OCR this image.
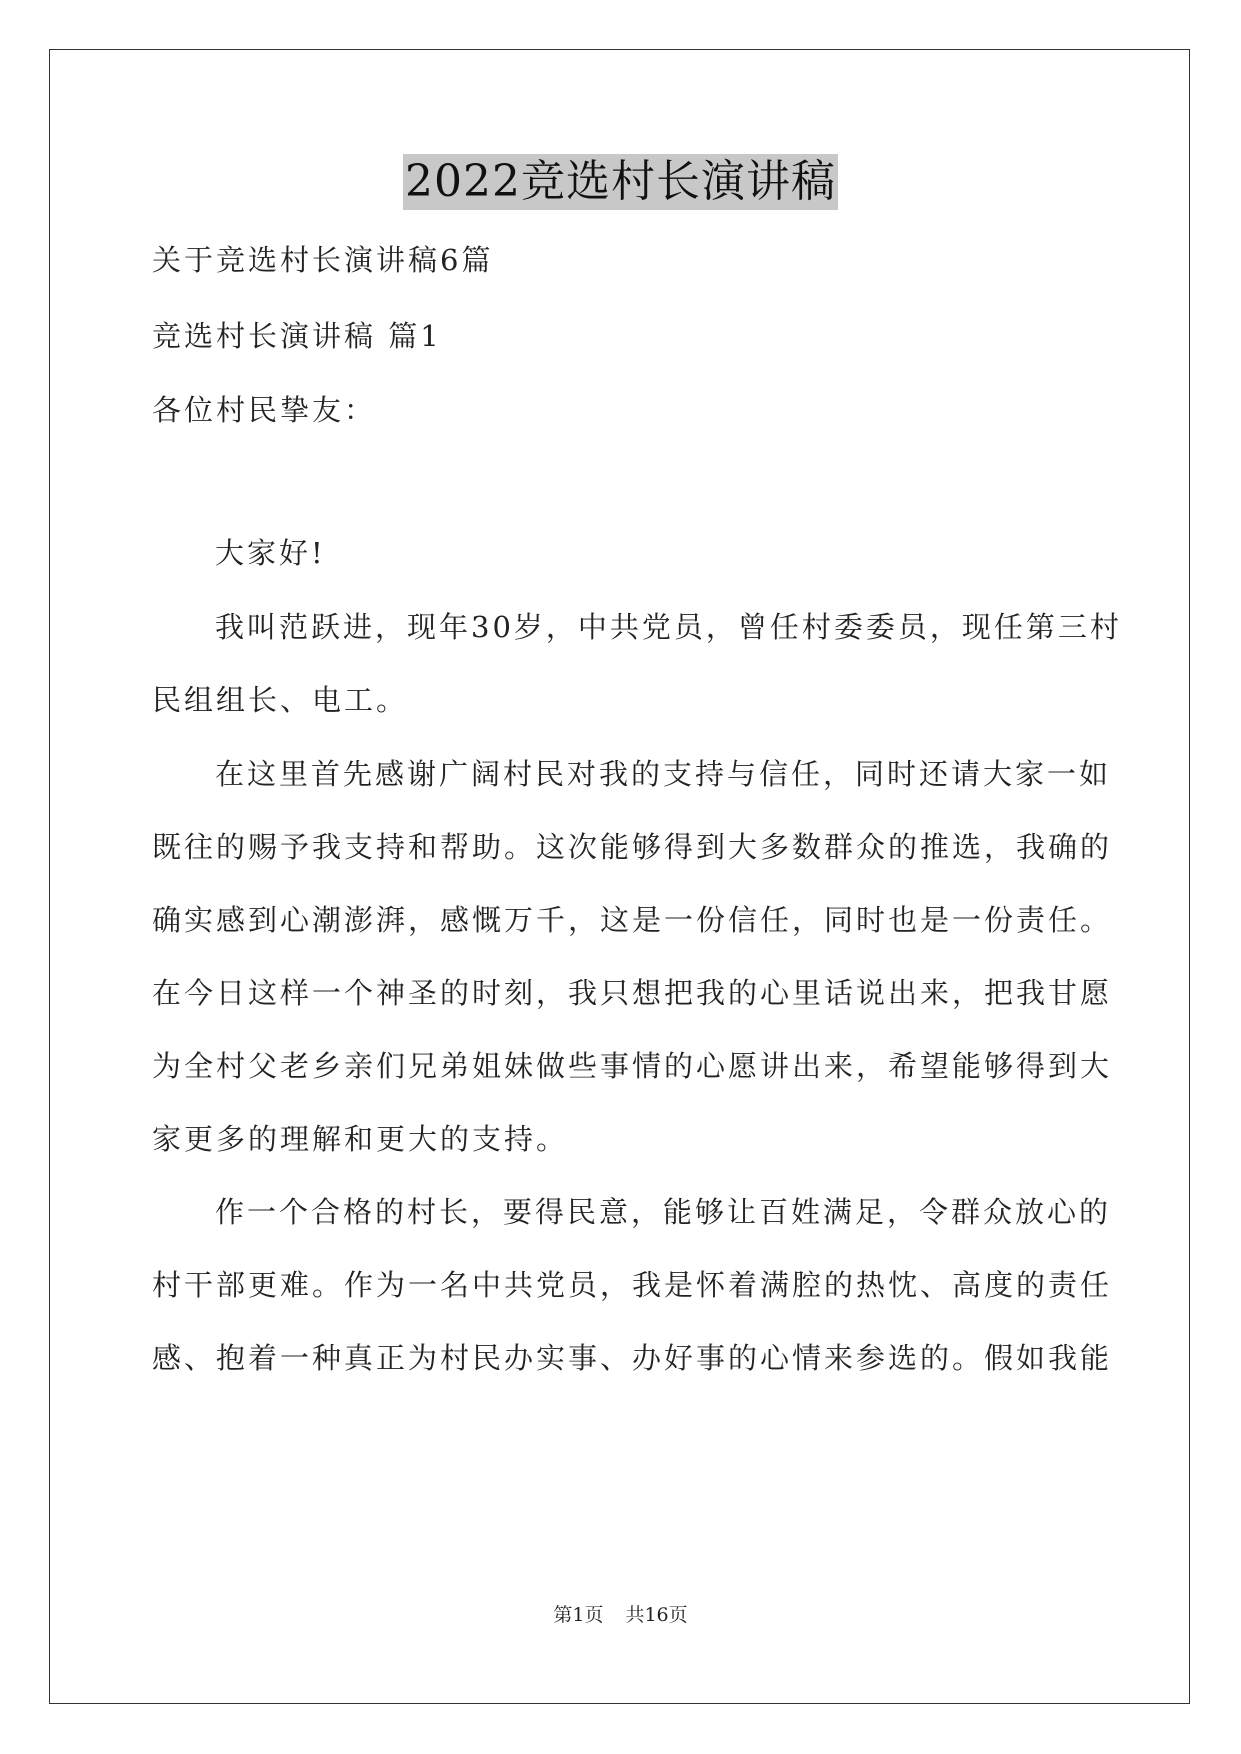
2022竞选村长演讲稿

关于竞选村长演讲稿6篇

竞选村长演讲稿 篇1

各位村民挚友：

大家好!

我叫范跃进，现年30岁，中共党员，曾任村委委员，现任第三村

民组组长、电工。

在这里首先感谢广阔村民对我的支持与信任，同时还请大家一如

既往的赐予我支持和帮助。这次能够得到大多数群众的推选，我确的

确实感到心潮澎湃，感慨万千，这是一份信任，同时也是一份责任。

在今日这样一个神圣的时刻，我只想把我的心里话说出来，把我甘愿

为全村父老乡亲们兄弟姐妹做些事情的心愿讲出来，希望能够得到大

家更多的理解和更大的支持。

作一个合格的村长，要得民意，能够让百姓满足，令群众放心的

村干部更难。作为一名中共党员，我是怀着满腔的热忱、高度的责任

感、抱着一种真正为村民办实事、办好事的心情来参选的。假如我能

第1页 共16页
